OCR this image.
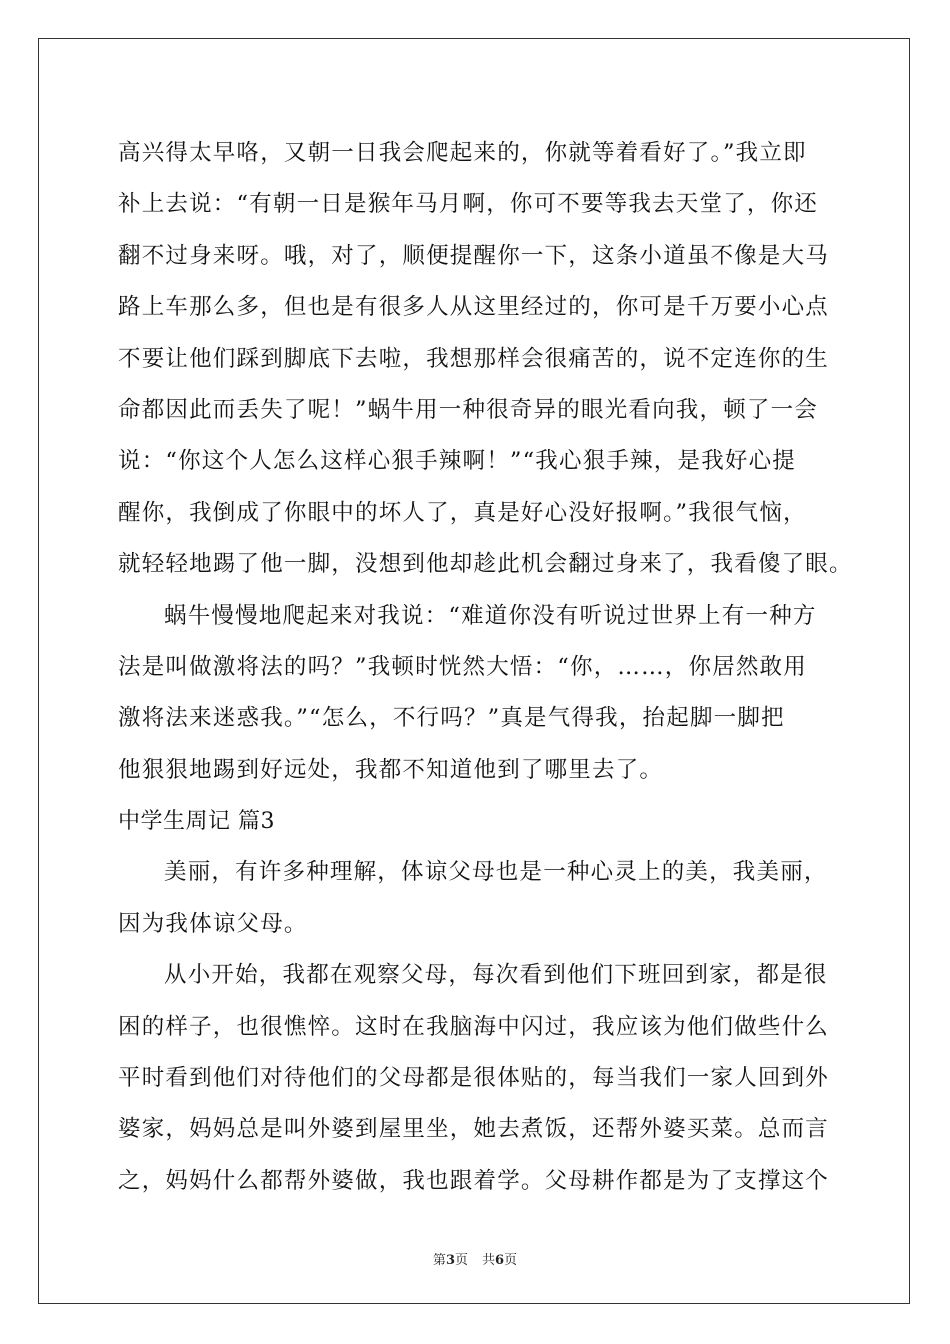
高兴得太早咯，又朝一日我会爬起来的，你就等着看好了。”我立即
补上去说：“有朝一日是猴年马月啊，你可不要等我去天堂了，你还
翻不过身来呀。哦，对了，顺便提醒你一下，这条小道虽不像是大马
路上车那么多，但也是有很多人从这里经过的，你可是千万要小心点
不要让他们踩到脚底下去啦，我想那样会很痛苦的，说不定连你的生
命都因此而丢失了呢！”蜗牛用一种很奇异的眼光看向我，顿了一会
说：“你这个人怎么这样心狠手辣啊！”“我心狠手辣，是我好心提
醒你，我倒成了你眼中的坏人了，真是好心没好报啊。”我很气恼，
就轻轻地踢了他一脚，没想到他却趁此机会翻过身来了，我看傻了眼。
蜗牛慢慢地爬起来对我说：“难道你没有听说过世界上有一种方
法是叫做激将法的吗？”我顿时恍然大悟：“你，……，你居然敢用
激将法来迷惑我。”“怎么，不行吗？”真是气得我，抬起脚一脚把
他狠狠地踢到好远处，我都不知道他到了哪里去了。
中学生周记 篇3
美丽，有许多种理解，体谅父母也是一种心灵上的美，我美丽，
因为我体谅父母。
从小开始，我都在观察父母，每次看到他们下班回到家，都是很
困的样子，也很憔悴。这时在我脑海中闪过，我应该为他们做些什么
平时看到他们对待他们的父母都是很体贴的，每当我们一家人回到外
婆家，妈妈总是叫外婆到屋里坐，她去煮饭，还帮外婆买菜。总而言
之，妈妈什么都帮外婆做，我也跟着学。父母耕作都是为了支撑这个
第3页 共6页
